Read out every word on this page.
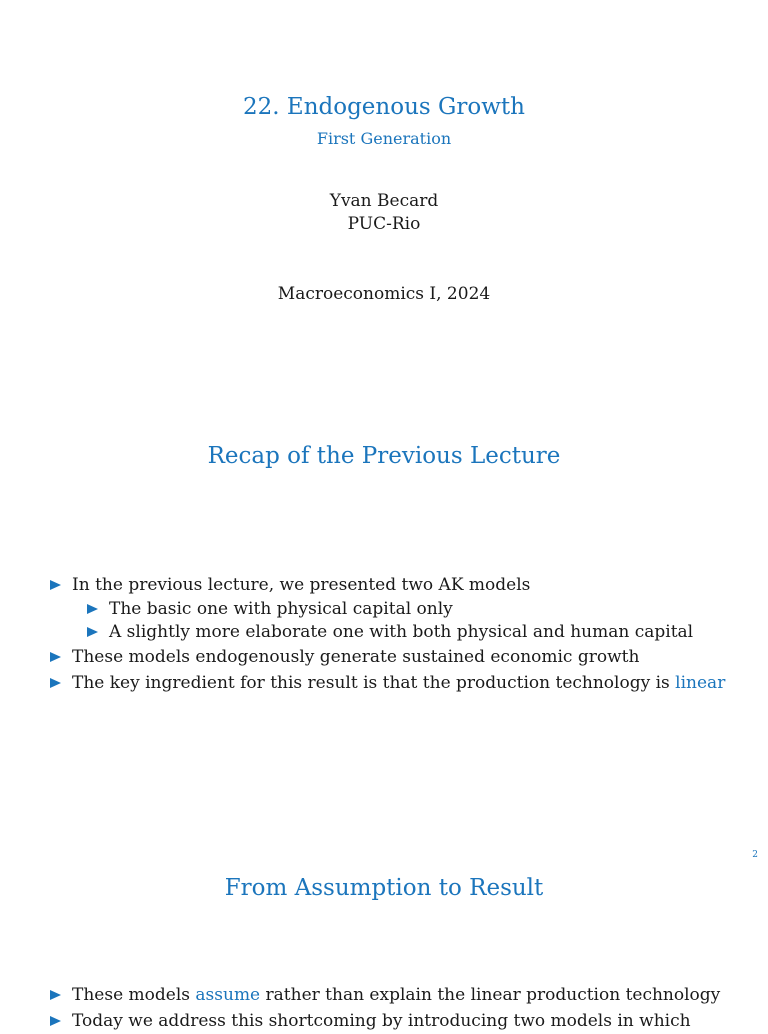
22. Endogenous Growth
First Generation
Yvan Becard
PUC-Rio
Macroeconomics I, 2024
Recap of the Previous Lecture
In the previous lecture, we presented two AK models
The basic one with physical capital only
A slightly more elaborate one with both physical and human capital
These models endogenously generate sustained economic growth
The key ingredient for this result is that the production technology is linear
2
From Assumption to Result
These models assume rather than explain the linear production technology
Today we address this shortcoming by introducing two models in which
